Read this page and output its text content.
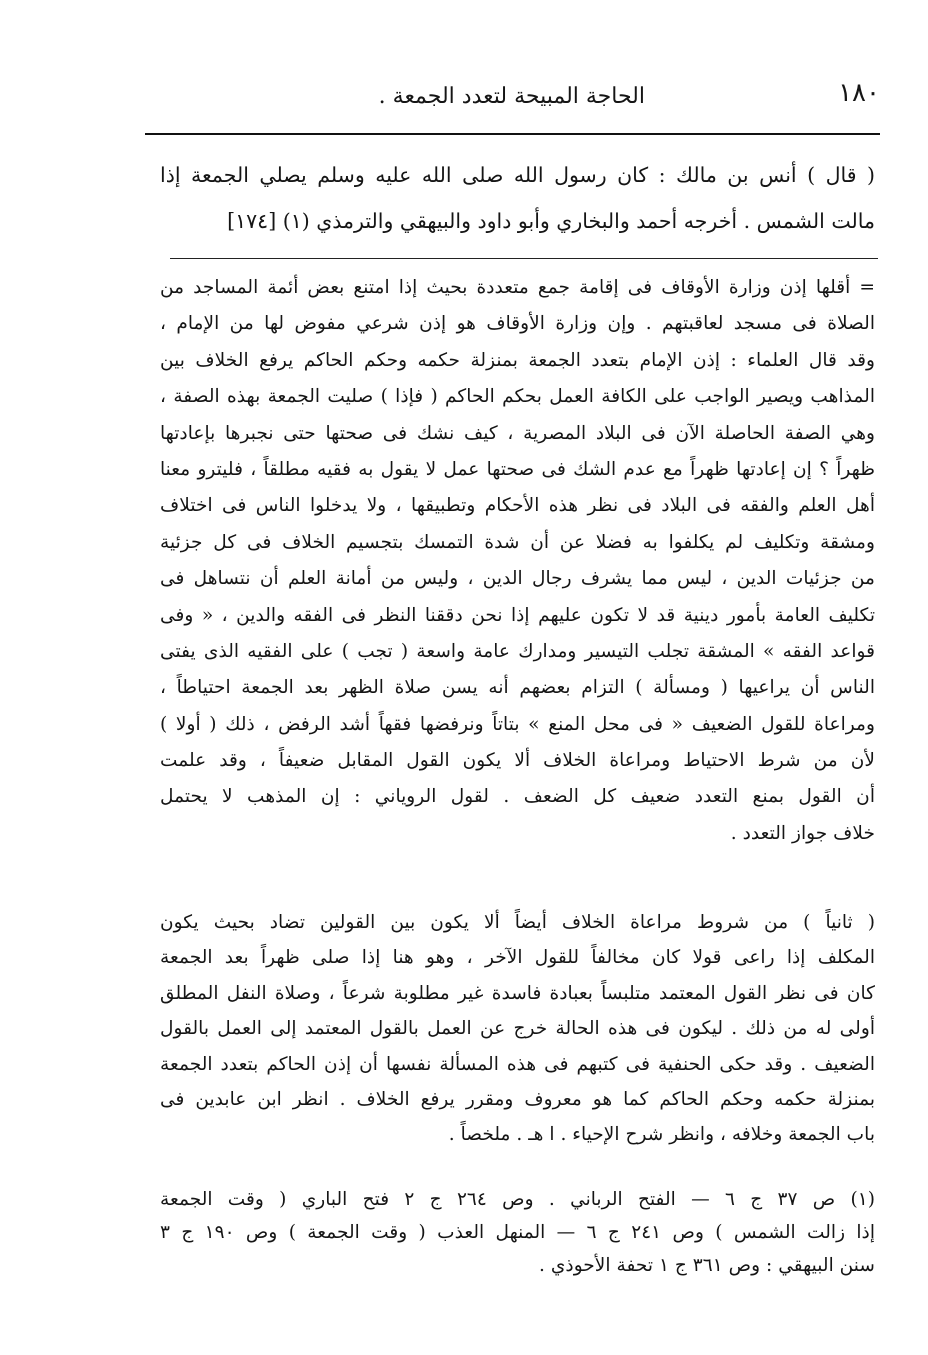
١٨٠
الحاجة المبيحة لتعدد الجمعة .
( قال ) أنس بن مالك : كان رسول الله صلى الله عليه وسلم يصلي الجمعة إذا
مالت الشمس . أخرجه أحمد والبخاري وأبو داود والبيهقي والترمذي (١) [١٧٤]
= أقلها إذن وزارة الأوقاف فى إقامة جمع متعددة بحيث إذا امتنع بعض أئمة المساجد من
الصلاة فى مسجد لعاقبتهم . وإن وزارة الأوقاف هو إذن شرعي مفوض لها من الإمام ،
وقد قال العلماء : إذن الإمام بتعدد الجمعة بمنزلة حكمه وحكم الحاكم يرفع الخلاف بين
المذاهب ويصير الواجب على الكافة العمل بحكم الحاكم ( فإذا ) صليت الجمعة بهذه الصفة ،
وهي الصفة الحاصلة الآن فى البلاد المصرية ، كيف نشك فى صحتها حتى نجبرها بإعادتها
ظهراً ؟ إن إعادتها ظهراً مع عدم الشك فى صحتها عمل لا يقول به فقيه مطلقاً ، فليترو معنا
أهل العلم والفقه فى البلاد فى نظر هذه الأحكام وتطبيقها ، ولا يدخلوا الناس فى اختلاف
ومشقة وتكليف لم يكلفوا به فضلا عن أن شدة التمسك بتجسيم الخلاف فى كل جزئية
من جزئيات الدين ، ليس مما يشرف رجال الدين ، وليس من أمانة العلم أن نتساهل فى
تكليف العامة بأمور دينية قد لا تكون عليهم إذا نحن دققنا النظر فى الفقه والدين ، « وفى
قواعد الفقه » المشقة تجلب التيسير ومدارك عامة واسعة ( تجب ) على الفقيه الذى يفتى
الناس أن يراعيها ( ومسألة ) التزام بعضهم أنه يسن صلاة الظهر بعد الجمعة احتياطاً ،
ومراعاة للقول الضعيف « فى محل المنع » بتاتاً ونرفضها فقهاً أشد الرفض ، ذلك ( أولا )
لأن من شرط الاحتياط ومراعاة الخلاف ألا يكون القول المقابل ضعيفاً ، وقد علمت
أن القول بمنع التعدد ضعيف كل الضعف . لقول الروياني : إن المذهب لا يحتمل
خلاف جواز التعدد .
( ثانياً ) من شروط مراعاة الخلاف أيضاً ألا يكون بين القولين تضاد بحيث يكون
المكلف إذا راعى قولا كان مخالفاً للقول الآخر ، وهو هنا إذا صلى ظهراً بعد الجمعة
كان فى نظر القول المعتمد متلبساً بعبادة فاسدة غير مطلوبة شرعاً ، وصلاة النفل المطلق
أولى له من ذلك . ليكون فى هذه الحالة خرج عن العمل بالقول المعتمد إلى العمل بالقول
الضعيف . وقد حكى الحنفية فى كتبهم فى هذه المسألة نفسها أن إذن الحاكم بتعدد الجمعة
بمنزلة حكمه وحكم الحاكم كما هو معروف ومقرر يرفع الخلاف . انظر ابن عابدين فى
باب الجمعة وخلافه ، وانظر شرح الإحياء . ا هـ . ملخصاً .
(١) ص ٣٧ ج ٦ — الفتح الرباني . وص ٢٦٤ ج ٢ فتح الباري ( وقت الجمعة
إذا زالت الشمس ) وص ٢٤١ ج ٦ — المنهل العذب ( وقت الجمعة ) وص ١٩٠ ج ٣
سنن البيهقي : وص ٣٦١ ج ١ تحفة الأحوذي .
